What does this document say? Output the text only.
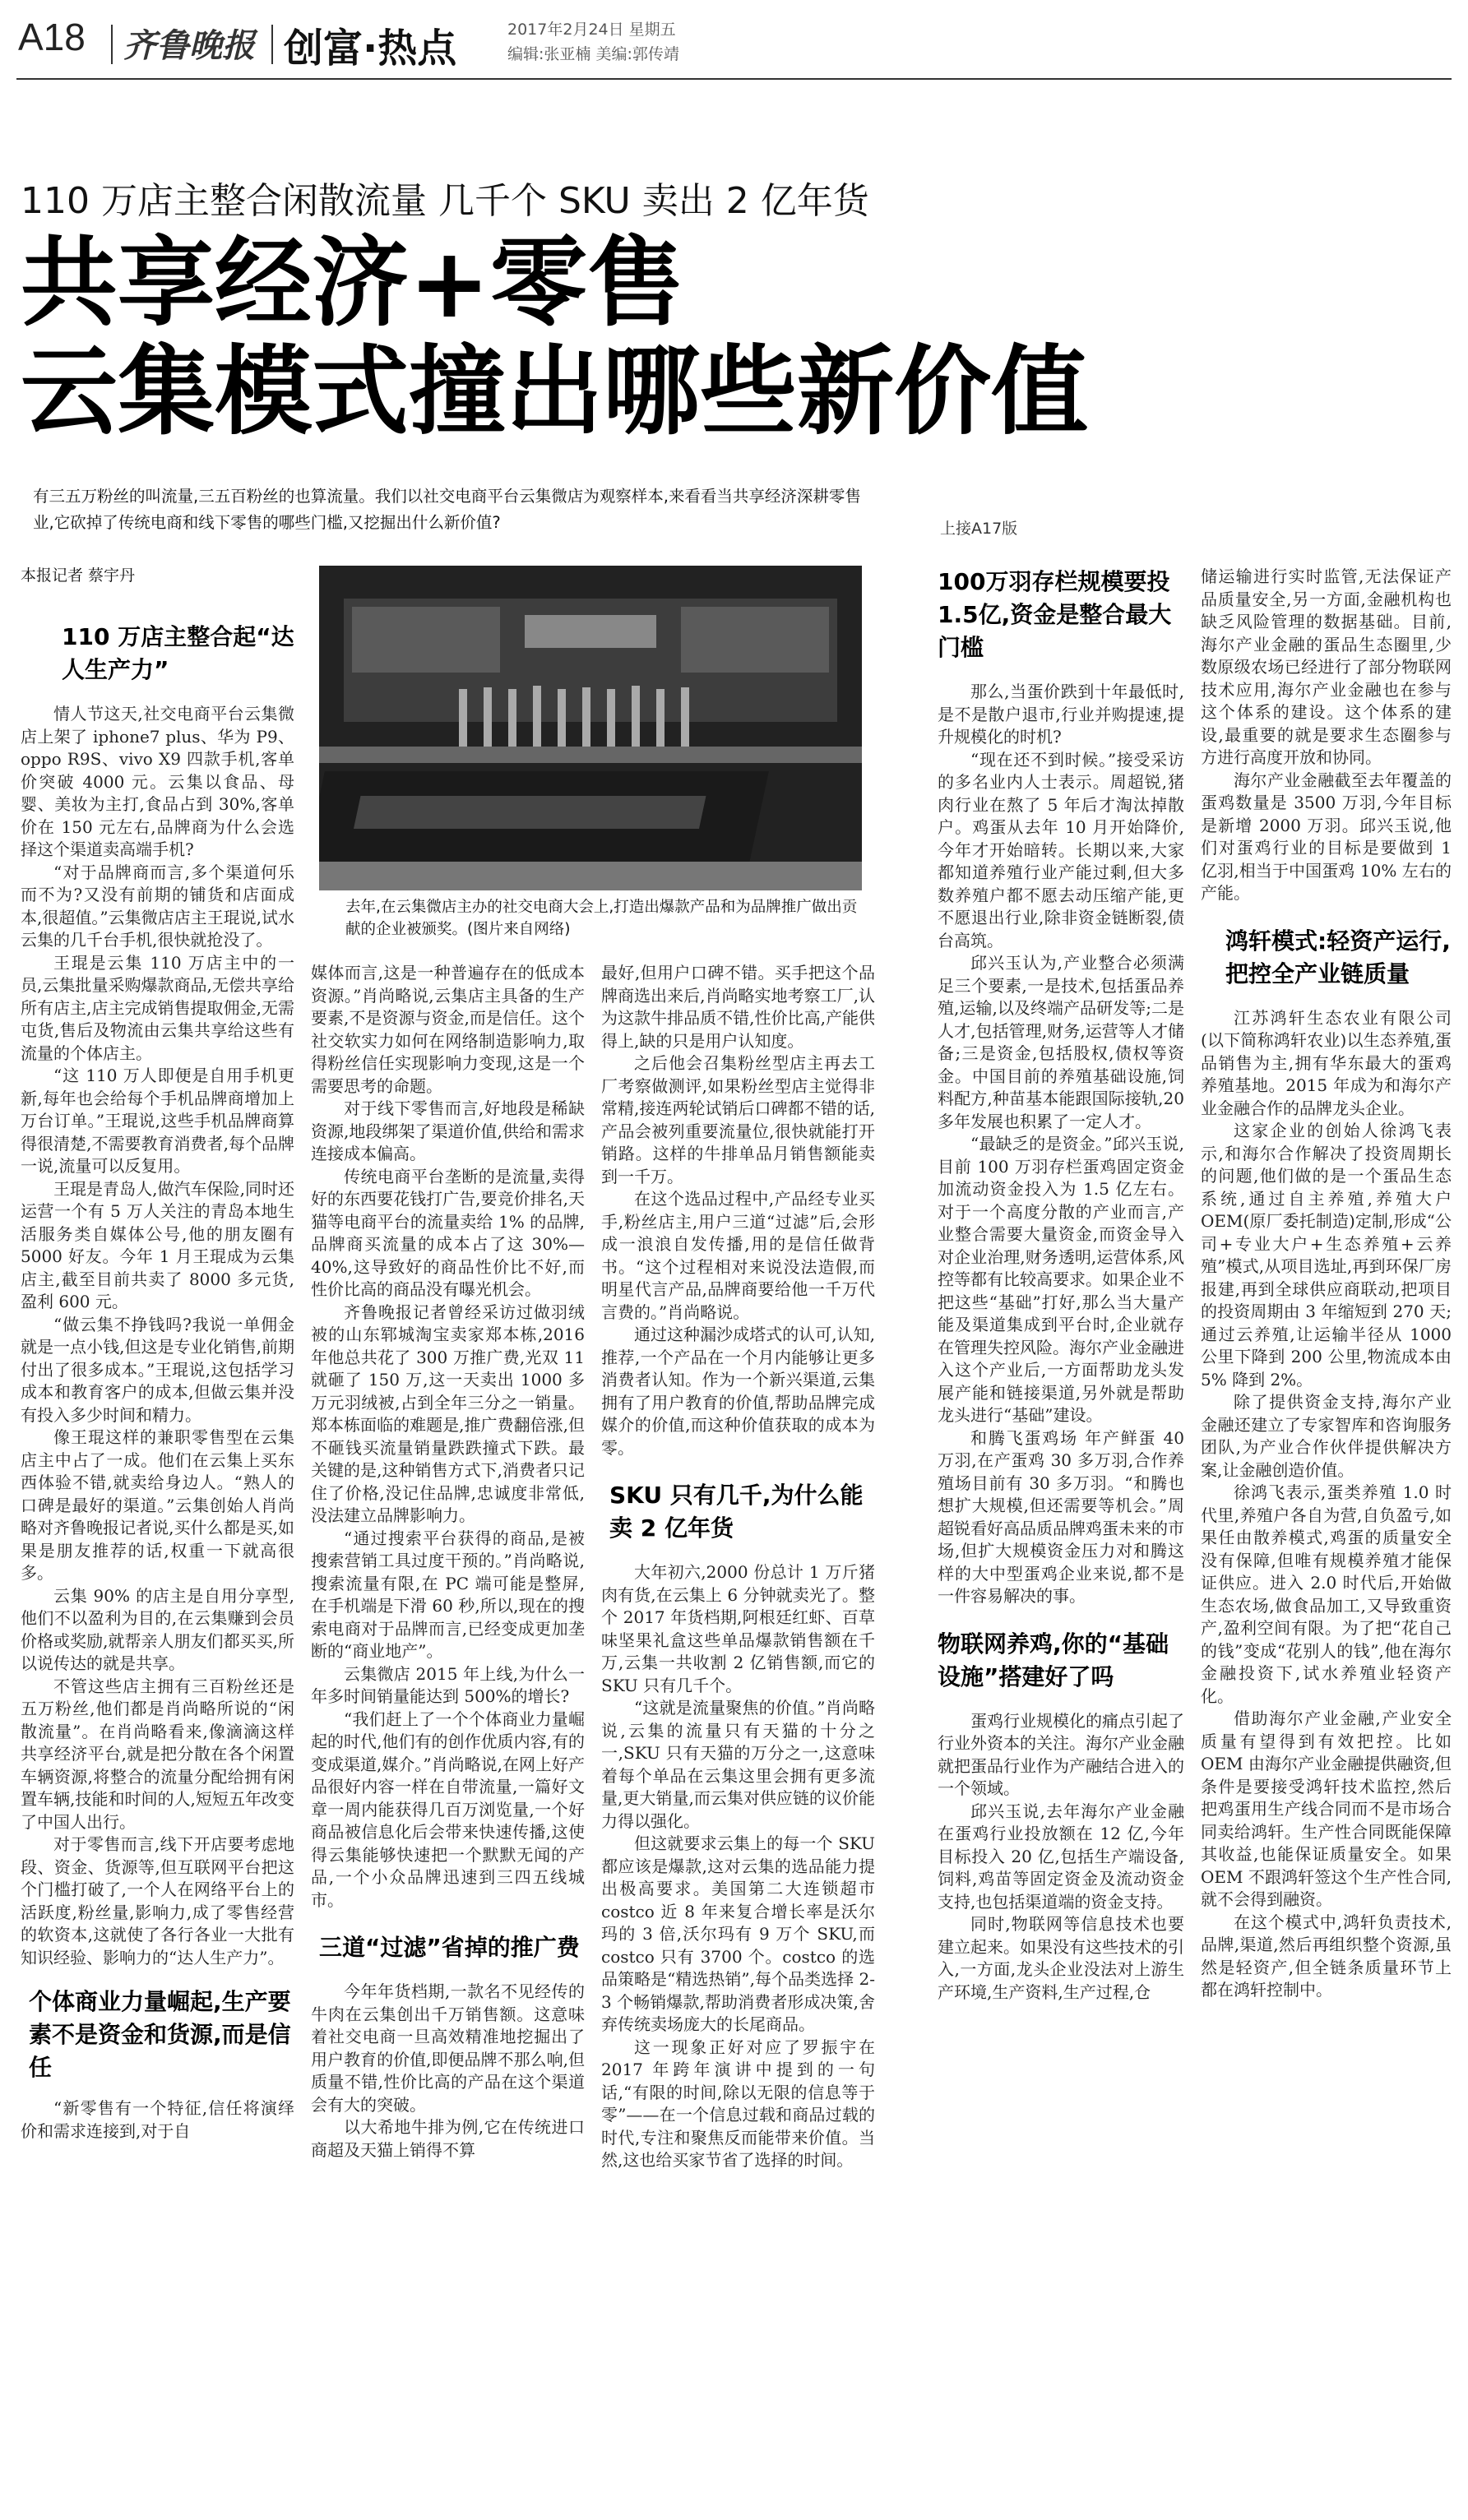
A18 齐鲁晚报 创富·热点	2017年2月24日 星期五
编辑:张亚楠 美编:郭传靖
110 万店主整合闲散流量 几千个 SKU 卖出 2 亿年货
共享经济+零售
云集模式撞出哪些新价值
有三五万粉丝的叫流量,三五百粉丝的也算流量。我们以社交电商平台云集微店为观察样本,来看看当共享经济深耕零售业,它砍掉了传统电商和线下零售的哪些门槛,又挖掘出什么新价值?	上接A17版
本报记者 蔡宇丹
去年,在云集微店主办的社交电商大会上,打造出爆款产品和为品牌推广做出贡献的企业被颁奖。(图片来自网络)
110 万店主整合起“达人生产力”

情人节这天,社交电商平台云集微店上架了 iphone7 plus、华为 P9、oppo R9S、vivo X9 四款手机,客单价突破 4000 元。云集以食品、母婴、美妆为主打,食品占到 30%,客单价在 150 元左右,品牌商为什么会选择这个渠道卖高端手机?

“对于品牌商而言,多个渠道何乐而不为?又没有前期的铺货和店面成本,很超值。”云集微店店主王琨说,试水云集的几千台手机,很快就抢没了。

王琨是云集 110 万店主中的一员,云集批量采购爆款商品,无偿共享给所有店主,店主完成销售提取佣金,无需屯货,售后及物流由云集共享给这些有流量的个体店主。

“这 110 万人即便是自用手机更新,每年也会给每个手机品牌商增加上万台订单。”王琨说,这些手机品牌商算得很清楚,不需要教育消费者,每个品牌一说,流量可以反复用。

王琨是青岛人,做汽车保险,同时还运营一个有 5 万人关注的青岛本地生活服务类自媒体公号,他的朋友圈有 5000 好友。今年 1 月王琨成为云集店主,截至目前共卖了 8000 多元货,盈利 600 元。

“做云集不挣钱吗?我说一单佣金就是一点小钱,但这是专业化销售,前期付出了很多成本。”王琨说,这包括学习成本和教育客户的成本,但做云集并没有投入多少时间和精力。

像王琨这样的兼职零售型在云集店主中占了一成。他们在云集上买东西体验不错,就卖给身边人。“熟人的口碑是最好的渠道。”云集创始人肖尚略对齐鲁晚报记者说,买什么都是买,如果是朋友推荐的话,权重一下就高很多。

云集 90% 的店主是自用分享型,他们不以盈利为目的,在云集赚到会员价格或奖励,就帮亲人朋友们都买买,所以说传达的就是共享。

不管这些店主拥有三百粉丝还是五万粉丝,他们都是肖尚略所说的“闲散流量”。在肖尚略看来,像滴滴这样共享经济平台,就是把分散在各个闲置车辆资源,将整合的流量分配给拥有闲置车辆,技能和时间的人,短短五年改变了中国人出行。

对于零售而言,线下开店要考虑地段、资金、货源等,但互联网平台把这个门槛打破了,一个人在网络平台上的活跃度,粉丝量,影响力,成了零售经营的软资本,这就使了各行各业一大批有知识经验、影响力的“达人生产力”。

个体商业力量崛起,生产要素不是资金和货源,而是信任

“新零售有一个特征,信任将演绎价和需求连接到,对于自

媒体而言,这是一种普遍存在的低成本资源。”肖尚略说,云集店主具备的生产要素,不是资源与资金,而是信任。这个社交软实力如何在网络制造影响力,取得粉丝信任实现影响力变现,这是一个需要思考的命题。

对于线下零售而言,好地段是稀缺资源,地段绑架了渠道价值,供给和需求连接成本偏高。

传统电商平台垄断的是流量,卖得好的东西要花钱打广告,要竞价排名,天猫等电商平台的流量卖给 1% 的品牌,品牌商买流量的成本占了这 30%—40%,这导致好的商品性价比不好,而性价比高的商品没有曝光机会。

齐鲁晚报记者曾经采访过做羽绒被的山东郓城淘宝卖家郑本栋,2016 年他总共花了 300 万推广费,光双 11 就砸了 150 万,这一天卖出 1000 多万元羽绒被,占到全年三分之一销量。郑本栋面临的难题是,推广费翻倍涨,但不砸钱买流量销量跌跌撞式下跌。最关键的是,这种销售方式下,消费者只记住了价格,没记住品牌,忠诚度非常低,没法建立品牌影响力。

“通过搜索平台获得的商品,是被搜索营销工具过度干预的。”肖尚略说,搜索流量有限,在 PC 端可能是整屏,在手机端是下滑 60 秒,所以,现在的搜索电商对于品牌而言,已经变成更加垄断的“商业地产”。

云集微店 2015 年上线,为什么一年多时间销量能达到 500%的增长?

“我们赶上了一个个体商业力量崛起的时代,他们有的创作优质内容,有的变成渠道,媒介。”肖尚略说,在网上好产品很好内容一样在自带流量,一篇好文章一周内能获得几百万浏览量,一个好商品被信息化后会带来快速传播,这使得云集能够快速把一个默默无闻的产品,一个小众品牌迅速到三四五线城市。

三道“过滤”省掉的推广费

今年年货档期,一款名不见经传的牛肉在云集创出千万销售额。这意味着社交电商一旦高效精准地挖掘出了用户教育的价值,即便品牌不那么响,但质量不错,性价比高的产品在这个渠道会有大的突破。

以大希地牛排为例,它在传统进口商超及天猫上销得不算

最好,但用户口碑不错。买手把这个品牌商选出来后,肖尚略实地考察工厂,认为这款牛排品质不错,性价比高,产能供得上,缺的只是用户认知度。

之后他会召集粉丝型店主再去工厂考察做测评,如果粉丝型店主觉得非常精,接连两轮试销后口碑都不错的话,产品会被列重要流量位,很快就能打开销路。这样的牛排单品月销售额能卖到一千万。

在这个选品过程中,产品经专业买手,粉丝店主,用户三道“过滤”后,会形成一浪浪自发传播,用的是信任做背书。“这个过程相对来说没法造假,而明星代言产品,品牌商要给他一千万代言费的。”肖尚略说。

通过这种漏沙成塔式的认可,认知,推荐,一个产品在一个月内能够让更多消费者认知。作为一个新兴渠道,云集拥有了用户教育的价值,帮助品牌完成媒介的价值,而这种价值获取的成本为零。

SKU 只有几千,为什么能卖 2 亿年货

大年初六,2000 份总计 1 万斤猪肉有货,在云集上 6 分钟就卖光了。整个 2017 年货档期,阿根廷红虾、百草味坚果礼盒这些单品爆款销售额在千万,云集一共收割 2 亿销售额,而它的 SKU 只有几千个。

“这就是流量聚焦的价值。”肖尚略说,云集的流量只有天猫的十分之一,SKU 只有天猫的万分之一,这意味着每个单品在云集这里会拥有更多流量,更大销量,而云集对供应链的议价能力得以强化。

但这就要求云集上的每一个 SKU 都应该是爆款,这对云集的选品能力提出极高要求。美国第二大连锁超市 costco 近 8 年来复合增长率是沃尔玛的 3 倍,沃尔玛有 9 万个 SKU,而 costco 只有 3700 个。costco 的选品策略是“精选热销”,每个品类选择 2-3 个畅销爆款,帮助消费者形成决策,舍弃传统卖场庞大的长尾商品。

这一现象正好对应了罗振宇在 2017 年跨年演讲中提到的一句话,“有限的时间,除以无限的信息等于零”——在一个信息过载和商品过载的时代,专注和聚焦反而能带来价值。当然,这也给买家节省了选择的时间。

100万羽存栏规模要投1.5亿,资金是整合最大门槛

那么,当蛋价跌到十年最低时,是不是散户退市,行业并购提速,提升规模化的时机?

“现在还不到时候。”接受采访的多名业内人士表示。周超锐,猪肉行业在熬了 5 年后才淘汰掉散户。鸡蛋从去年 10 月开始降价,今年才开始暗转。长期以来,大家都知道养殖行业产能过剩,但大多数养殖户都不愿去动压缩产能,更不愿退出行业,除非资金链断裂,债台高筑。

邱兴玉认为,产业整合必须满足三个要素,一是技术,包括蛋品养殖,运输,以及终端产品研发等;二是人才,包括管理,财务,运营等人才储备;三是资金,包括股权,债权等资金。中国目前的养殖基础设施,饲料配方,种苗基本能跟国际接轨,20 多年发展也积累了一定人才。

“最缺乏的是资金。”邱兴玉说,目前 100 万羽存栏蛋鸡固定资金加流动资金投入为 1.5 亿左右。对于一个高度分散的产业而言,产业整合需要大量资金,而资金导入对企业治理,财务透明,运营体系,风控等都有比较高要求。如果企业不把这些“基础”打好,那么当大量产能及渠道集成到平台时,企业就存在管理失控风险。海尔产业金融进入这个产业后,一方面帮助龙头发展产能和链接渠道,另外就是帮助龙头进行“基础”建设。

和腾飞蛋鸡场 年产鲜蛋 40 万羽,在产蛋鸡 30 多万羽,合作养殖场目前有 30 多万羽。“和腾也想扩大规模,但还需要等机会。”周超锐看好高品质品牌鸡蛋未来的市场,但扩大规模资金压力对和腾这样的大中型蛋鸡企业来说,都不是一件容易解决的事。

物联网养鸡,你的“基础设施”搭建好了吗

蛋鸡行业规模化的痛点引起了行业外资本的关注。海尔产业金融就把蛋品行业作为产融结合进入的一个领域。

邱兴玉说,去年海尔产业金融在蛋鸡行业投放额在 12 亿,今年目标投入 20 亿,包括生产端设备,饲料,鸡苗等固定资金及流动资金支持,也包括渠道端的资金支持。

同时,物联网等信息技术也要建立起来。如果没有这些技术的引入,一方面,龙头企业没法对上游生产环境,生产资料,生产过程,仓

储运输进行实时监管,无法保证产品质量安全,另一方面,金融机构也缺乏风险管理的数据基础。目前,海尔产业金融的蛋品生态圈里,少数原级农场已经进行了部分物联网技术应用,海尔产业金融也在参与这个体系的建设。这个体系的建设,最重要的就是要求生态圈参与方进行高度开放和协同。

海尔产业金融截至去年覆盖的蛋鸡数量是 3500 万羽,今年目标是新增 2000 万羽。邱兴玉说,他们对蛋鸡行业的目标是要做到 1 亿羽,相当于中国蛋鸡 10% 左右的产能。

鸿轩模式:轻资产运行,把控全产业链质量

江苏鸿轩生态农业有限公司(以下简称鸿轩农业)以生态养殖,蛋品销售为主,拥有华东最大的蛋鸡养殖基地。2015 年成为和海尔产业金融合作的品牌龙头企业。

这家企业的创始人徐鸿飞表示,和海尔合作解决了投资周期长的问题,他们做的是一个蛋品生态系统,通过自主养殖,养殖大户 OEM(原厂委托制造)定制,形成“公司+专业大户+生态养殖+云养殖”模式,从项目选址,再到环保厂房报建,再到全球供应商联动,把项目的投资周期由 3 年缩短到 270 天;通过云养殖,让运输半径从 1000 公里下降到 200 公里,物流成本由 5% 降到 2%。

除了提供资金支持,海尔产业金融还建立了专家智库和咨询服务团队,为产业合作伙伴提供解决方案,让金融创造价值。

徐鸿飞表示,蛋类养殖 1.0 时代里,养殖户各自为营,自负盈亏,如果任由散养模式,鸡蛋的质量安全没有保障,但唯有规模养殖才能保证供应。进入 2.0 时代后,开始做生态农场,做食品加工,又导致重资产,盈利空间有限。为了把“花自己的钱”变成“花别人的钱”,他在海尔金融投资下,试水养殖业轻资产化。

借助海尔产业金融,产业安全质量有望得到有效把控。比如 OEM 由海尔产业金融提供融资,但条件是要接受鸿轩技术监控,然后把鸡蛋用生产线合同而不是市场合同卖给鸿轩。生产性合同既能保障其收益,也能保证质量安全。如果 OEM 不跟鸿轩签这个生产性合同,就不会得到融资。

在这个模式中,鸿轩负责技术,品牌,渠道,然后再组织整个资源,虽然是轻资产,但全链条质量环节上都在鸿轩控制中。
